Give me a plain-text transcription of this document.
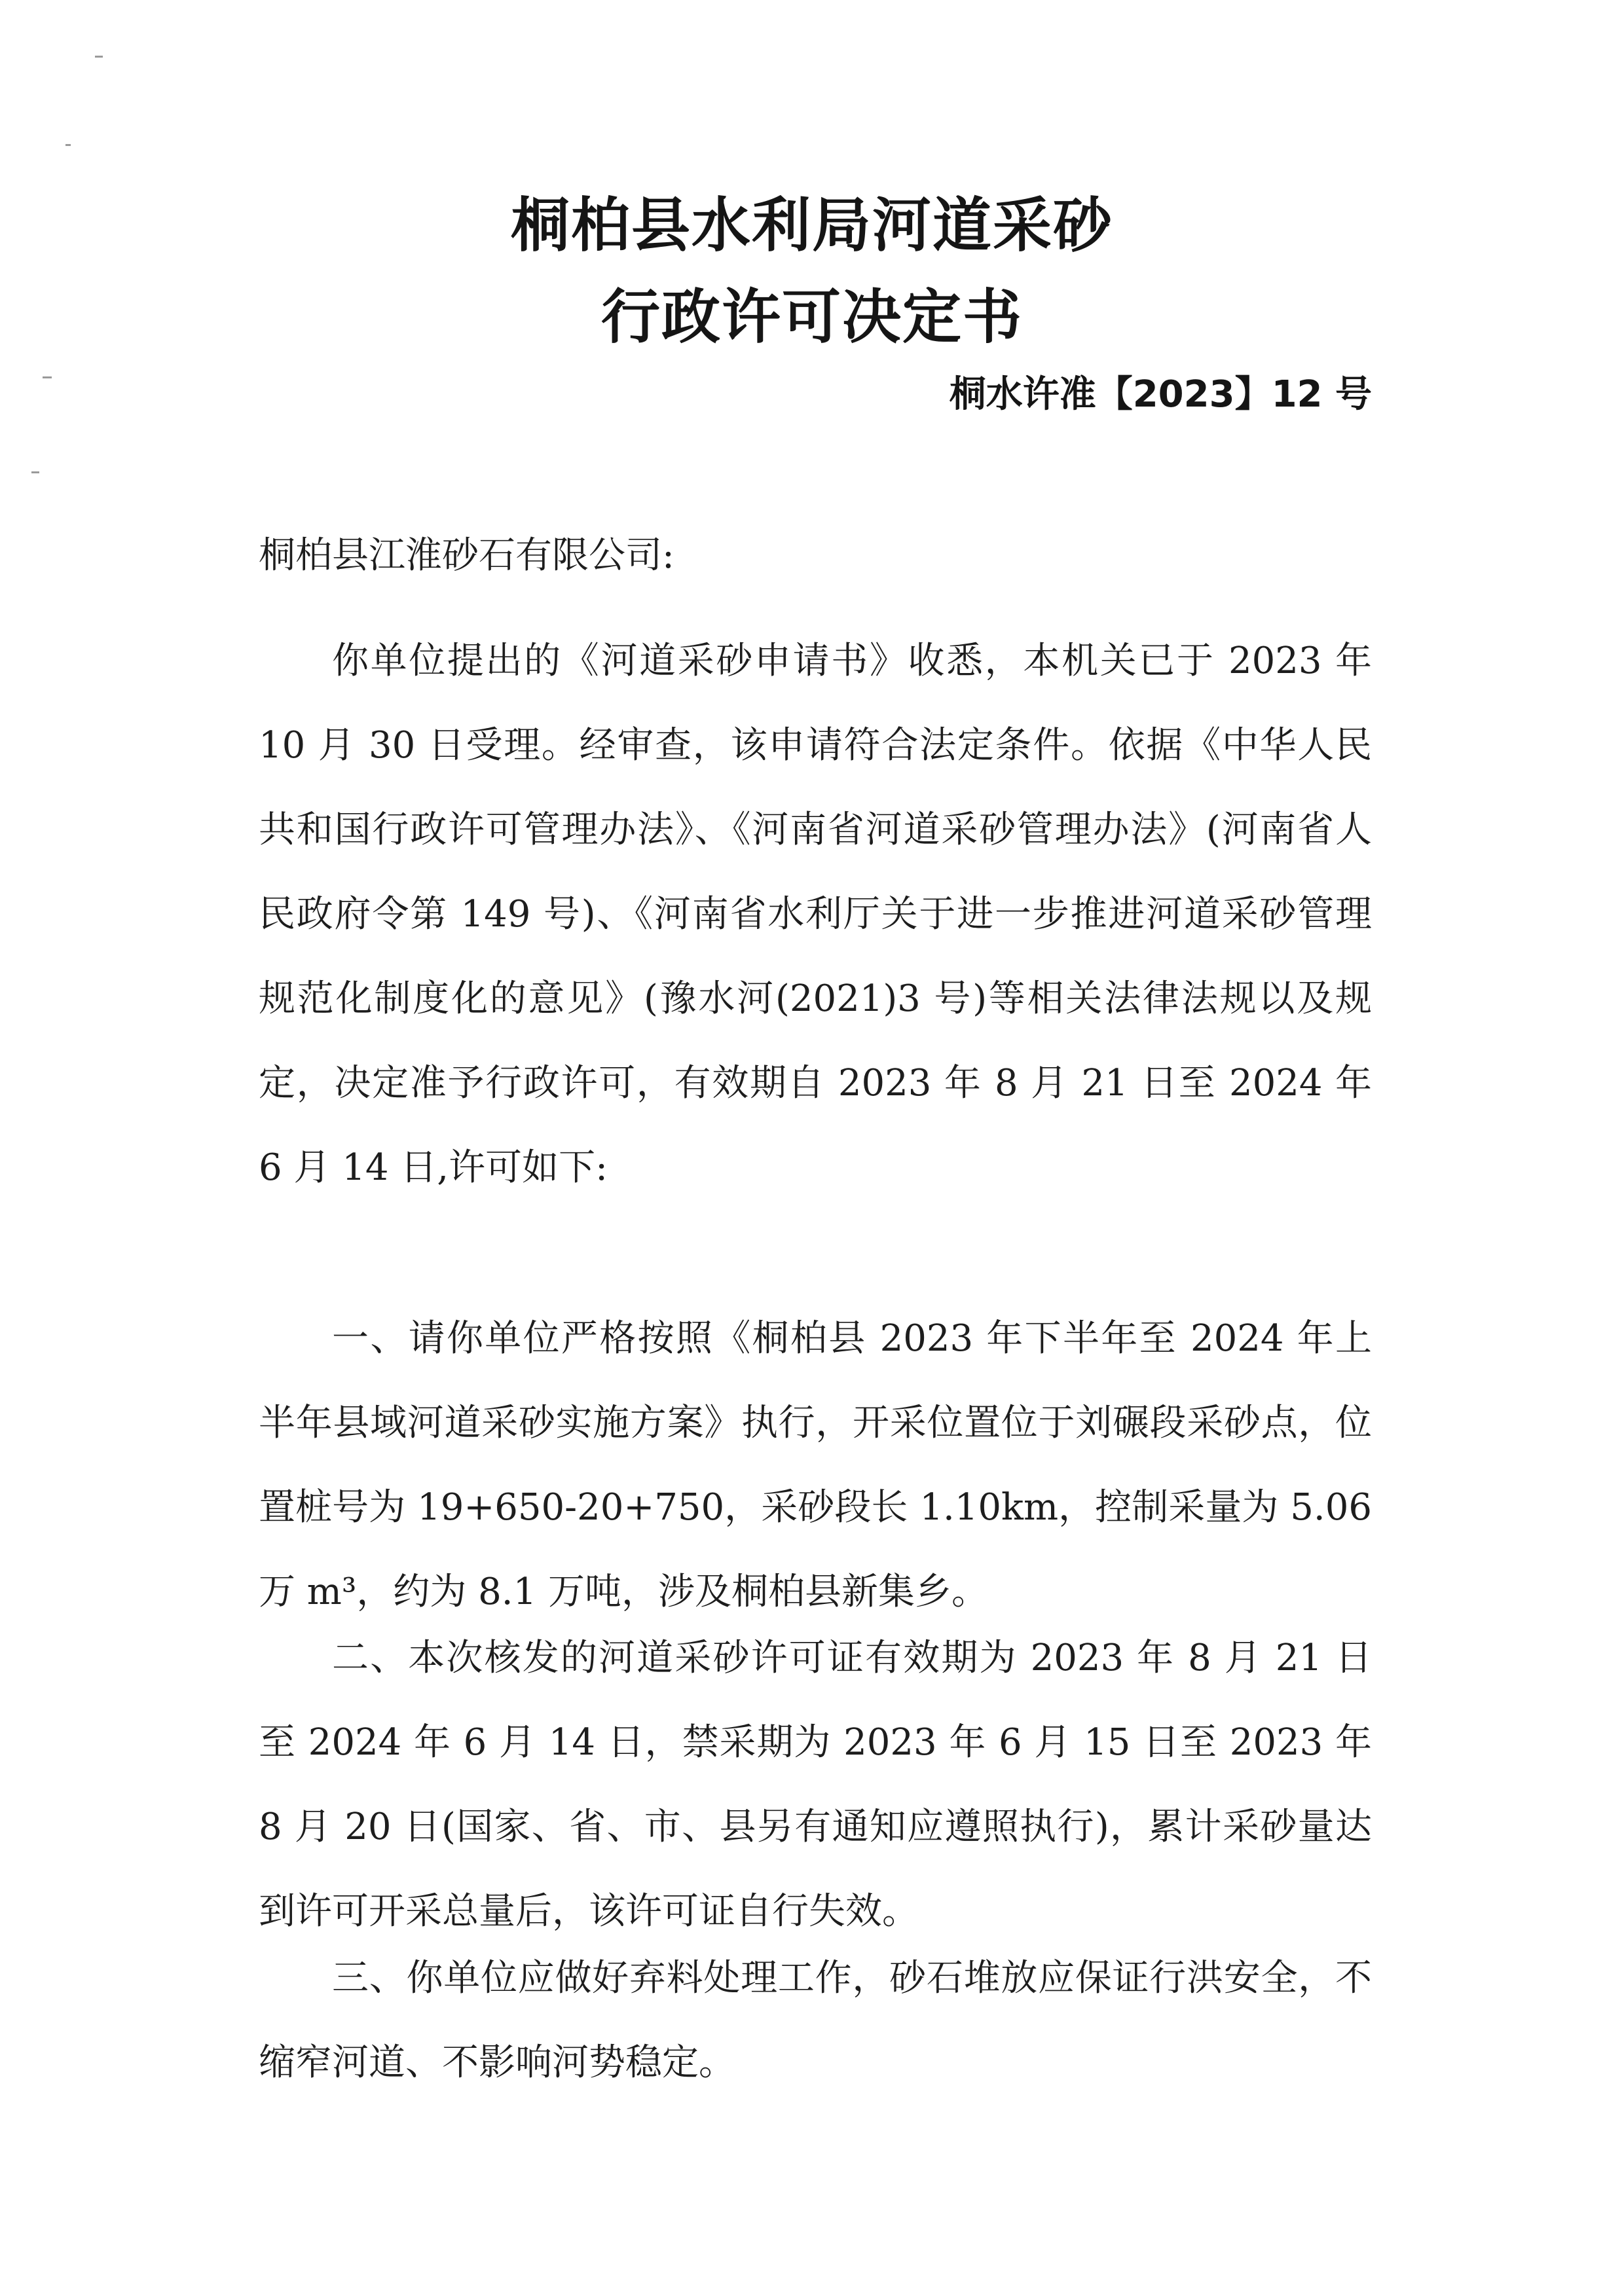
桐柏县水利局河道采砂
行政许可决定书
桐水许准【2023】12 号
桐柏县江淮砂石有限公司:

你单位提出的《河道采砂申请书》收悉，本机关已于 2023 年 10 月 30 日受理。经审查，该申请符合法定条件。依据《中华人民共和国行政许可管理办法》、《河南省河道采砂管理办法》(河南省人民政府令第 149 号)、《河南省水利厅关于进一步推进河道采砂管理规范化制度化的意见》(豫水河(2021)3 号)等相关法律法规以及规定，决定准予行政许可，有效期自 2023 年 8 月 21 日至 2024 年 6 月 14 日,许可如下:

一、请你单位严格按照《桐柏县 2023 年下半年至 2024 年上半年县域河道采砂实施方案》执行，开采位置位于刘碾段采砂点，位置桩号为 19+650-20+750，采砂段长 1.10km，控制采量为 5.06 万 m³，约为 8.1 万吨，涉及桐柏县新集乡。

二、本次核发的河道采砂许可证有效期为 2023 年 8 月 21 日至 2024 年 6 月 14 日，禁采期为 2023 年 6 月 15 日至 2023 年 8 月 20 日(国家、省、市、县另有通知应遵照执行)，累计采砂量达到许可开采总量后，该许可证自行失效。

三、你单位应做好弃料处理工作，砂石堆放应保证行洪安全，不缩窄河道、不影响河势稳定。
